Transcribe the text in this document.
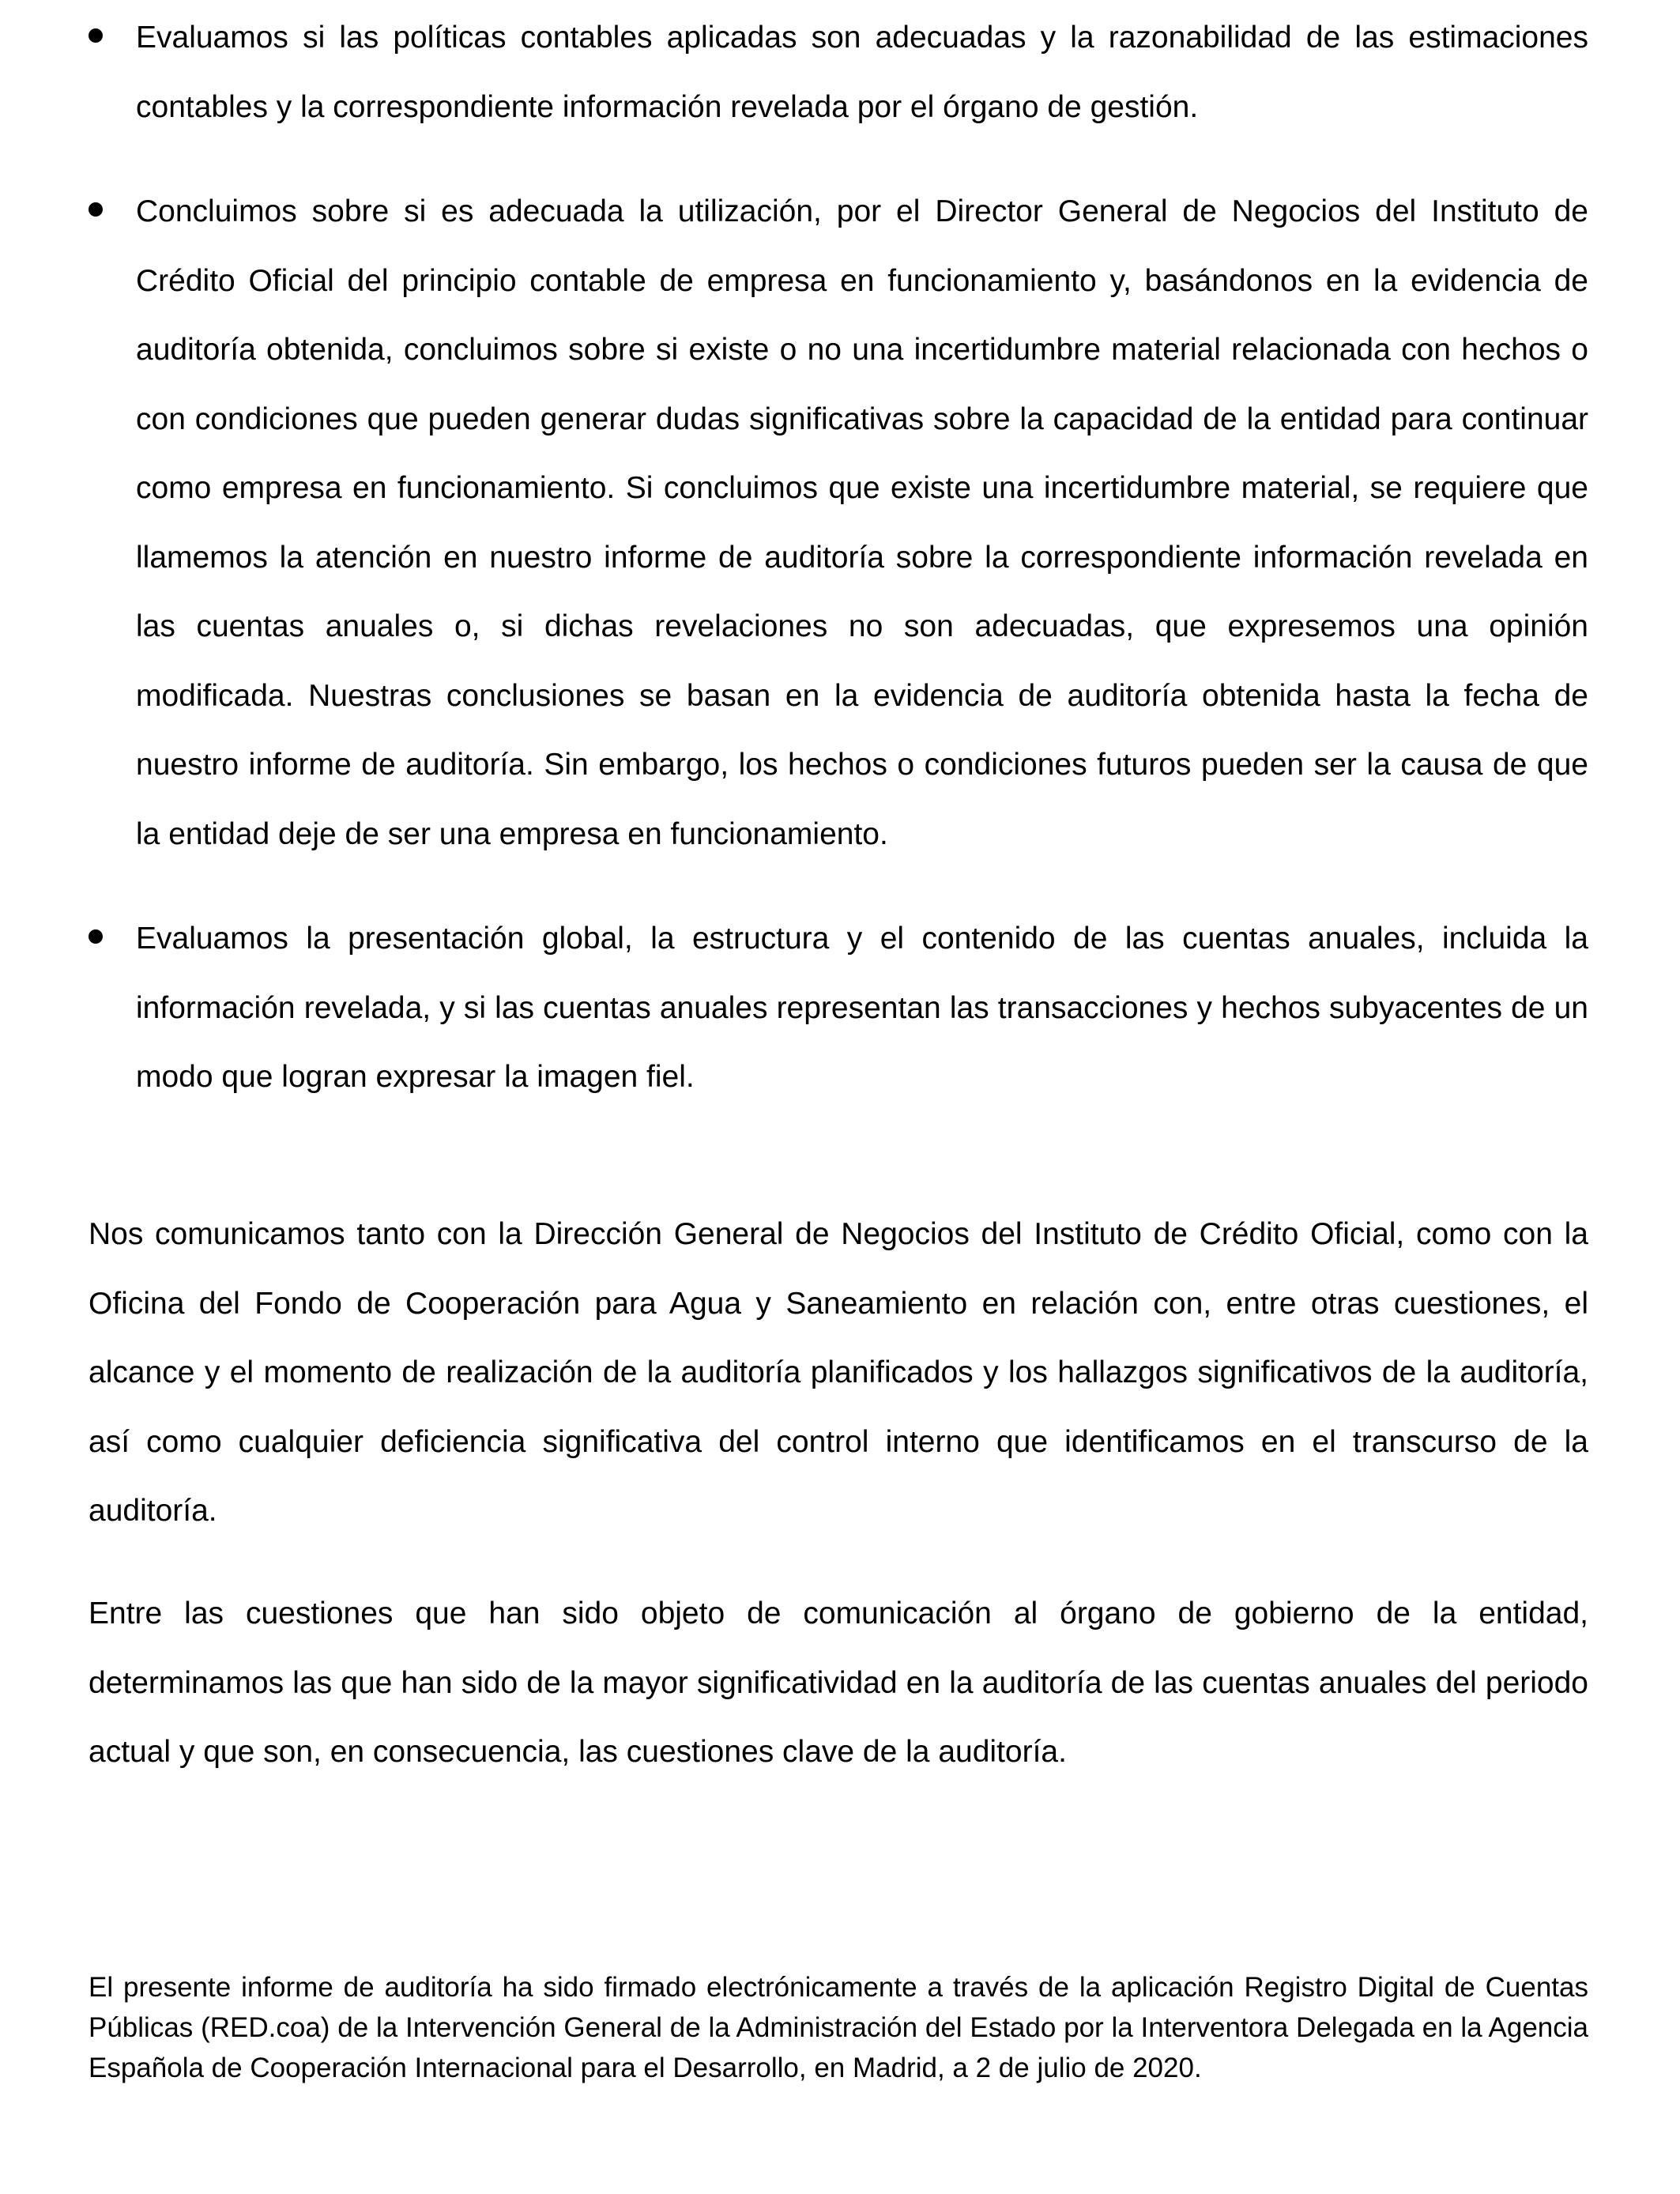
Evaluamos si las políticas contables aplicadas son adecuadas y la razonabilidad de las estimaciones contables y la correspondiente información revelada por el órgano de gestión.
Concluimos sobre si es adecuada la utilización, por el Director General de Negocios del Instituto de Crédito Oficial del principio contable de empresa en funcionamiento y, basándonos en la evidencia de auditoría obtenida, concluimos sobre si existe o no una incertidumbre material relacionada con hechos o con condiciones que pueden generar dudas significativas sobre la capacidad de la entidad para continuar como empresa en funcionamiento. Si concluimos que existe una incertidumbre material, se requiere que llamemos la atención en nuestro informe de auditoría sobre la correspondiente información revelada en las cuentas anuales o, si dichas revelaciones no son adecuadas, que expresemos una opinión modificada. Nuestras conclusiones se basan en la evidencia de auditoría obtenida hasta la fecha de nuestro informe de auditoría. Sin embargo, los hechos o condiciones futuros pueden ser la causa de que la entidad deje de ser una empresa en funcionamiento.
Evaluamos la presentación global, la estructura y el contenido de las cuentas anuales, incluida la información revelada, y si las cuentas anuales representan las transacciones y hechos subyacentes de un modo que logran expresar la imagen fiel.

Nos comunicamos tanto con la Dirección General de Negocios del Instituto de Crédito Oficial, como con la Oficina del Fondo de Cooperación para Agua y Saneamiento en relación con, entre otras cuestiones, el alcance y el momento de realización de la auditoría planificados y los hallazgos significativos de la auditoría, así como cualquier deficiencia significativa del control interno que identificamos en el transcurso de la auditoría.

Entre las cuestiones que han sido objeto de comunicación al órgano de gobierno de la entidad, determinamos las que han sido de la mayor significatividad en la auditoría de las cuentas anuales del periodo actual y que son, en consecuencia, las cuestiones clave de la auditoría.

El presente informe de auditoría ha sido firmado electrónicamente a través de la aplicación Registro Digital de Cuentas Públicas (RED.coa) de la Intervención General de la Administración del Estado por la Interventora Delegada en la Agencia Española de Cooperación Internacional para el Desarrollo, en Madrid, a 2 de julio de 2020.
